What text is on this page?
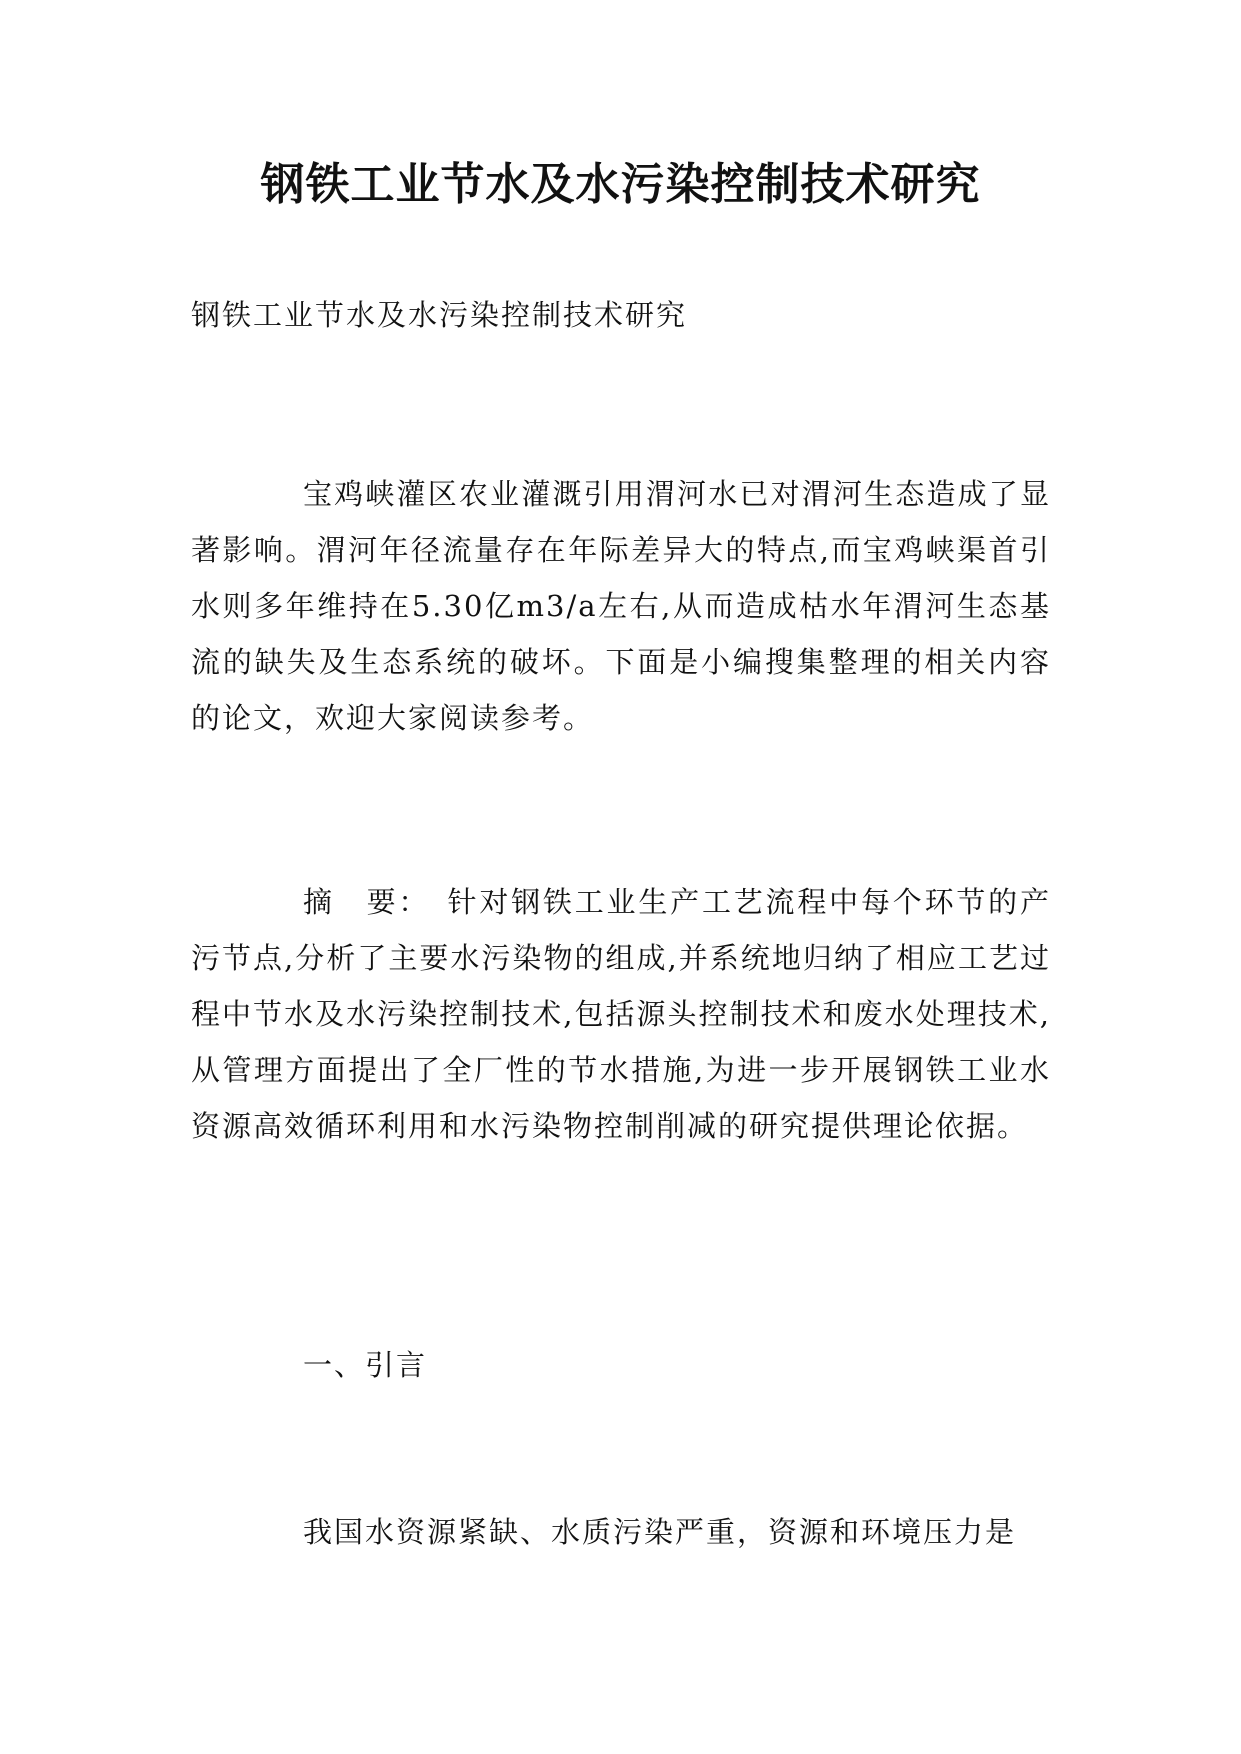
钢铁工业节水及水污染控制技术研究

钢铁工业节水及水污染控制技术研究

宝鸡峡灌区农业灌溉引用渭河水已对渭河生态造成了显著影响。渭河年径流量存在年际差异大的特点,而宝鸡峡渠首引水则多年维持在5.30亿m3/a左右,从而造成枯水年渭河生态基流的缺失及生态系统的破坏。下面是小编搜集整理的相关内容的论文，欢迎大家阅读参考。

摘　要：　针对钢铁工业生产工艺流程中每个环节的产污节点,分析了主要水污染物的组成,并系统地归纳了相应工艺过程中节水及水污染控制技术,包括源头控制技术和废水处理技术,从管理方面提出了全厂性的节水措施,为进一步开展钢铁工业水资源高效循环利用和水污染物控制削减的研究提供理论依据。

一、引言

我国水资源紧缺、水质污染严重，资源和环境压力是
